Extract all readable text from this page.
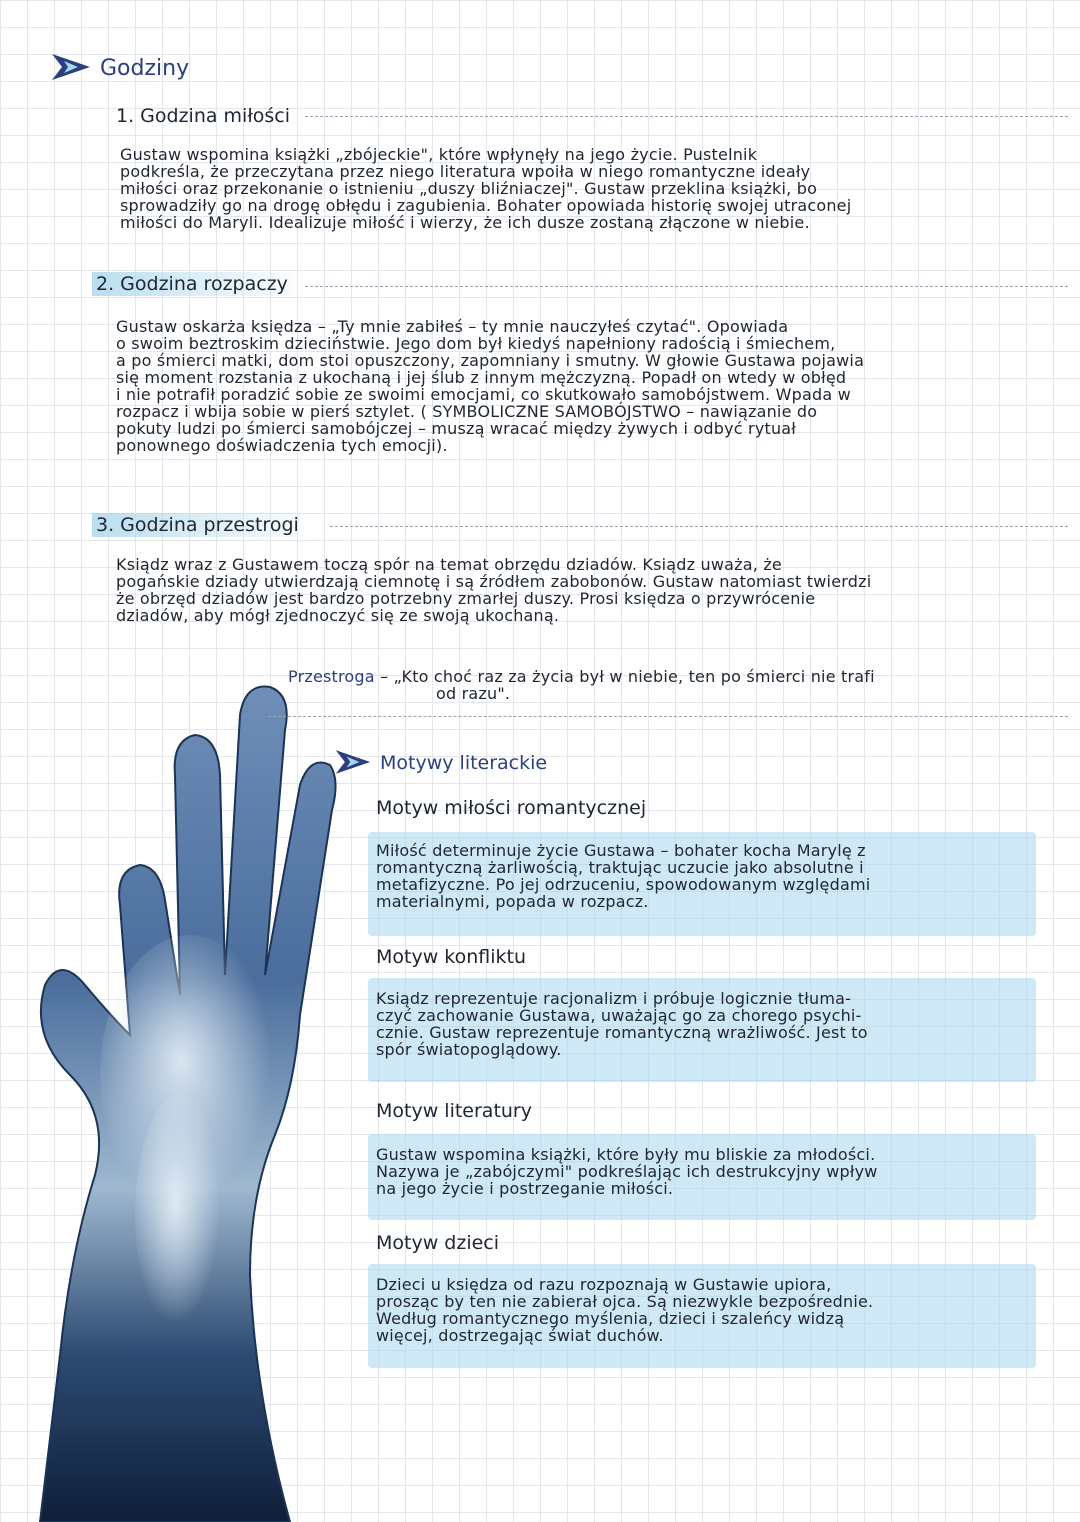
Godziny
1. Godzina miłości
Gustaw wspomina książki „zbójeckie", które wpłynęły na jego życie. Pustelnik
podkreśla, że przeczytana przez niego literatura wpoiła w niego romantyczne ideały
miłości oraz przekonanie o istnieniu „duszy bliźniaczej". Gustaw przeklina książki, bo
sprowadziły go na drogę obłędu i zagubienia. Bohater opowiada historię swojej utraconej
miłości do Maryli. Idealizuje miłość i wierzy, że ich dusze zostaną złączone w niebie.
2. Godzina rozpaczy
Gustaw oskarża księdza – „Ty mnie zabiłeś – ty mnie nauczyłeś czytać". Opowiada
o swoim beztroskim dzieciństwie. Jego dom był kiedyś napełniony radością i śmiechem,
a po śmierci matki, dom stoi opuszczony, zapomniany i smutny. W głowie Gustawa pojawia
się moment rozstania z ukochaną i jej ślub z innym mężczyzną. Popadł on wtedy w obłęd
i nie potrafił poradzić sobie ze swoimi emocjami, co skutkowało samobójstwem. Wpada w
rozpacz i wbija sobie w pierś sztylet. ( SYMBOLICZNE SAMOBÓJSTWO – nawiązanie do
pokuty ludzi po śmierci samobójczej – muszą wracać między żywych i odbyć rytuał
ponownego doświadczenia tych emocji).
3. Godzina przestrogi
Ksiądz wraz z Gustawem toczą spór na temat obrzędu dziadów. Ksiądz uważa, że
pogańskie dziady utwierdzają ciemnotę i są źródłem zabobonów. Gustaw natomiast twierdzi
że obrzęd dziadów jest bardzo potrzebny zmarłej duszy. Prosi księdza o przywrócenie
dziadów, aby mógł zjednoczyć się ze swoją ukochaną.
Przestroga – „Kto choć raz za życia był w niebie, ten po śmierci nie trafi
od razu".
Motywy literackie
Motyw miłości romantycznej
Miłość determinuje życie Gustawa – bohater kocha Marylę z
romantyczną żarliwością, traktując uczucie jako absolutne i
metafizyczne. Po jej odrzuceniu, spowodowanym względami
materialnymi, popada w rozpacz.
Motyw konfliktu
Ksiądz reprezentuje racjonalizm i próbuje logicznie tłuma-
czyć zachowanie Gustawa, uważając go za chorego psychi-
cznie. Gustaw reprezentuje romantyczną wrażliwość. Jest to
spór światopoglądowy.
Motyw literatury
Gustaw wspomina książki, które były mu bliskie za młodości.
Nazywa je „zabójczymi" podkreślając ich destrukcyjny wpływ
na jego życie i postrzeganie miłości.
Motyw dzieci
Dzieci u księdza od razu rozpoznają w Gustawie upiora,
prosząc by ten nie zabierał ojca. Są niezwykle bezpośrednie.
Według romantycznego myślenia, dzieci i szaleńcy widzą
więcej, dostrzegając świat duchów.
